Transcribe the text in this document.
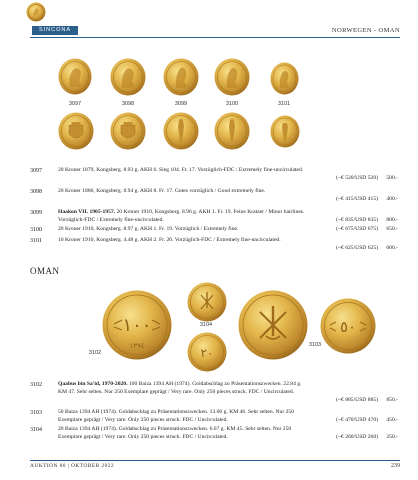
SINCONA	NORWEGEN - OMAN
3097	3098	3099	3100	3101
3097	20 Kroner 1879, Kongsberg. 8.93 g. AKH 6. Sieg 104. Fr. 17. Vorzüglich-FDC / Extremely fine-uncirculated.
(~€ 520/USD 520) 500.-
3098	20 Kroner 1886, Kongsberg. 8.94 g. AKH 8. Fr. 17. Gutes vorzüglich / Good extremely fine.
(~€ 415/USD 415) 400.-
3099	Haakon VII. 1905-1957. 20 Kroner 1910, Kongsberg. 8.96 g. AKH 1. Fr. 19. Feine Kratzer / Minor hairlines.
Vorzüglich-FDC / Extremely fine-uncirculated.	(~€ 835/USD 835) 800.-
3100	20 Kroner 1910, Kongsberg. 8.97 g. AKH 1. Fr. 19. Vorzüglich / Extremely fine.	(~€ 675/USD 675) 650.-
3101	10 Kroner 1910, Kongsberg. 4.48 g. AKH 2. Fr. 20. Vorzüglich-FDC / Extremely fine-uncirculated.
(~€ 625/USD 625) 600.-
OMAN
١٠٠
١٣٩٤
3104
٢٠
3103
٥٠
3102
3102	Qaabus bin Sa'id, 1970-2020. 100 Baiza 1394 AH (1974). Goldabschlag zu Präsentationszwecken. 22.84 g.
KM 47. Sehr selten. Nur 250 Exemplare geprägt / Very rare. Only 250 pieces struck. FDC / Uncirculated.
(~€ 885/USD 885) 850.-
3103	50 Baiza 1394 AH (1974). Goldabschlag zu Präsentationszwecken. 13.06 g. KM 46. Sehr selten. Nur 250
Exemplare geprägt / Very rare. Only 250 pieces struck. FDC / Uncirculated.	(~€ 470/USD 470) 450.-
3104	20 Baiza 1394 AH (1974). Goldabschlag zu Präsentationszwecken. 6.07 g. KM 45. Sehr selten. Nur 250
Exemplare geprägt / Very rare. Only 250 pieces struck. FDC / Uncirculated.	(~€ 260/USD 260) 250.-
AUKTION 80 | OKTOBER 2022	239
